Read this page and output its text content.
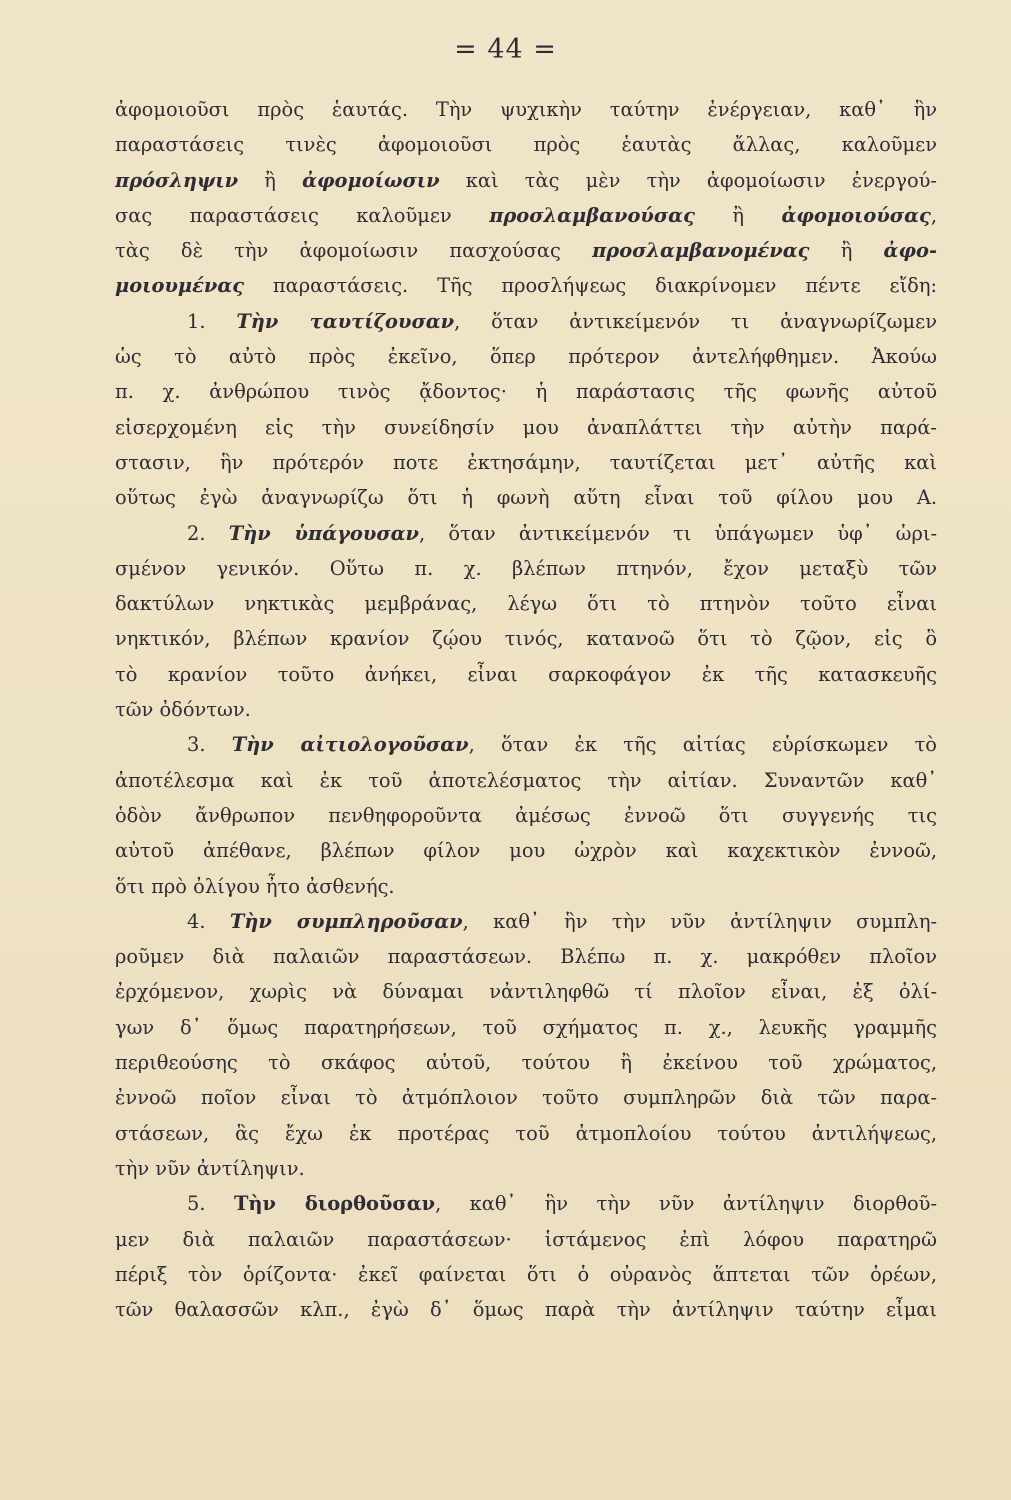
= 44 =
ἀφομοιοῦσι πρὸς ἑαυτάς. Τὴν ψυχικὴν ταύτην ἐνέργειαν, καθ᾽ ἣν
παραστάσεις τινὲς ἀφομοιοῦσι πρὸς ἑαυτὰς ἄλλας, καλοῦμεν
πρόσληψιν ἢ ἀφομοίωσιν καὶ τὰς μὲν τὴν ἀφομοίωσιν ἐνεργού-
σας παραστάσεις καλοῦμεν προσλαμβανούσας ἢ ἀφομοιούσας,
τὰς δὲ τὴν ἀφομοίωσιν πασχούσας προσλαμβανομένας ἢ ἀφο-
μοιουμένας παραστάσεις. Τῆς προσλήψεως διακρίνομεν πέντε εἴδη:
1. Τὴν ταυτίζουσαν, ὅταν ἀντικείμενόν τι ἀναγνωρίζωμεν
ὡς τὸ αὐτὸ πρὸς ἐκεῖνο, ὅπερ πρότερον ἀντελήφθημεν. Ἀκούω
π. χ. ἀνθρώπου τινὸς ᾄδοντος· ἡ παράστασις τῆς φωνῆς αὐτοῦ
εἰσερχομένη εἰς τὴν συνείδησίν μου ἀναπλάττει τὴν αὐτὴν παρά-
στασιν, ἣν πρότερόν ποτε ἐκτησάμην, ταυτίζεται μετ᾽ αὐτῆς καὶ
οὕτως ἐγὼ ἀναγνωρίζω ὅτι ἡ φωνὴ αὕτη εἶναι τοῦ φίλου μου Α.
2. Τὴν ὑπάγουσαν, ὅταν ἀντικείμενόν τι ὑπάγωμεν ὑφ᾽ ὡρι-
σμένον γενικόν. Οὕτω π. χ. βλέπων πτηνόν, ἔχον μεταξὺ τῶν
δακτύλων νηκτικὰς μεμβράνας, λέγω ὅτι τὸ πτηνὸν τοῦτο εἶναι
νηκτικόν, βλέπων κρανίον ζῴου τινός, κατανοῶ ὅτι τὸ ζῷον, εἰς ὃ
τὸ κρανίον τοῦτο ἀνήκει, εἶναι σαρκοφάγον ἐκ τῆς κατασκευῆς
τῶν ὀδόντων.
3. Τὴν αἰτιολογοῦσαν, ὅταν ἐκ τῆς αἰτίας εὑρίσκωμεν τὸ
ἀποτέλεσμα καὶ ἐκ τοῦ ἀποτελέσματος τὴν αἰτίαν. Συναντῶν καθ᾽
ὁδὸν ἄνθρωπον πενθηφοροῦντα ἀμέσως ἐννοῶ ὅτι συγγενής τις
αὐτοῦ ἀπέθανε, βλέπων φίλον μου ὠχρὸν καὶ καχεκτικὸν ἐννοῶ,
ὅτι πρὸ ὀλίγου ἦτο ἀσθενής.
4. Τὴν συμπληροῦσαν, καθ᾽ ἣν τὴν νῦν ἀντίληψιν συμπλη-
ροῦμεν διὰ παλαιῶν παραστάσεων. Βλέπω π. χ. μακρόθεν πλοῖον
ἐρχόμενον, χωρὶς νὰ δύναμαι νἀντιληφθῶ τί πλοῖον εἶναι, ἐξ ὀλί-
γων δ᾽ ὅμως παρατηρήσεων, τοῦ σχήματος π. χ., λευκῆς γραμμῆς
περιθεούσης τὸ σκάφος αὐτοῦ, τούτου ἢ ἐκείνου τοῦ χρώματος,
ἐννοῶ ποῖον εἶναι τὸ ἀτμόπλοιον τοῦτο συμπληρῶν διὰ τῶν παρα-
στάσεων, ἃς ἔχω ἐκ προτέρας τοῦ ἀτμοπλοίου τούτου ἀντιλήψεως,
τὴν νῦν ἀντίληψιν.
5. Τὴν διορθοῦσαν, καθ᾽ ἣν τὴν νῦν ἀντίληψιν διορθοῦ-
μεν διὰ παλαιῶν παραστάσεων· ἱστάμενος ἐπὶ λόφου παρατηρῶ
πέριξ τὸν ὁρίζοντα· ἐκεῖ φαίνεται ὅτι ὁ οὐρανὸς ἅπτεται τῶν ὀρέων,
τῶν θαλασσῶν κλπ., ἐγὼ δ᾽ ὅμως παρὰ τὴν ἀντίληψιν ταύτην εἶμαι
